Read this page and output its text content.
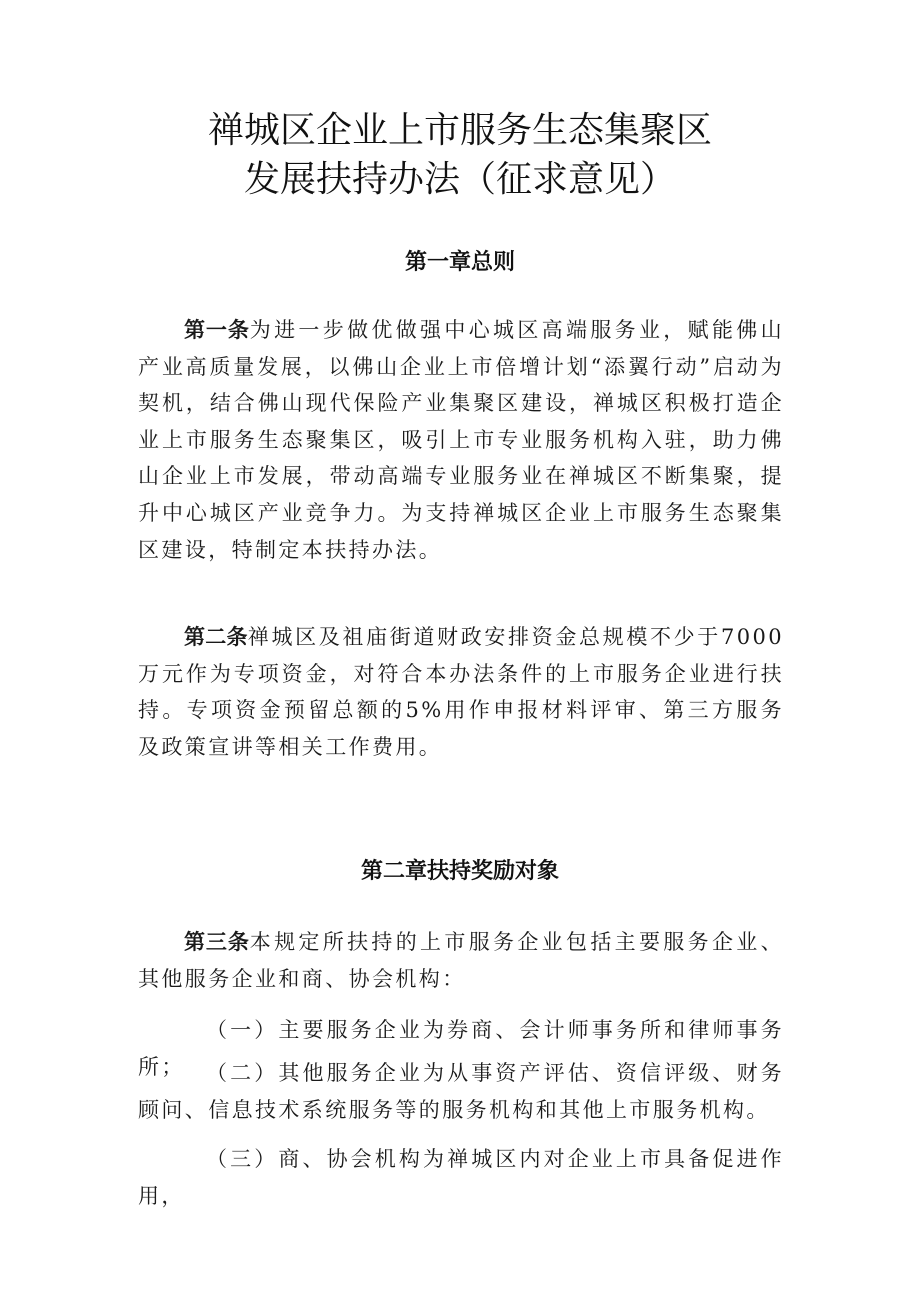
禅城区企业上市服务生态集聚区
发展扶持办法（征求意见）
第一章总则

第一条为进一步做优做强中心城区高端服务业，赋能佛山产业高质量发展，以佛山企业上市倍增计划“添翼行动”启动为契机，结合佛山现代保险产业集聚区建设，禅城区积极打造企业上市服务生态聚集区，吸引上市专业服务机构入驻，助力佛山企业上市发展，带动高端专业服务业在禅城区不断集聚，提升中心城区产业竞争力。为支持禅城区企业上市服务生态聚集区建设，特制定本扶持办法。

第二条禅城区及祖庙街道财政安排资金总规模不少于7000万元作为专项资金，对符合本办法条件的上市服务企业进行扶持。专项资金预留总额的5%用作申报材料评审、第三方服务及政策宣讲等相关工作费用。

第二章扶持奖励对象

第三条本规定所扶持的上市服务企业包括主要服务企业、其他服务企业和商、协会机构：

（一）主要服务企业为券商、会计师事务所和律师事务所；	（二）其他服务企业为从事资产评估、资信评级、财务顾问、信息技术系统服务等的服务机构和其他上市服务机构。

（三）商、协会机构为禅城区内对企业上市具备促进作用，
